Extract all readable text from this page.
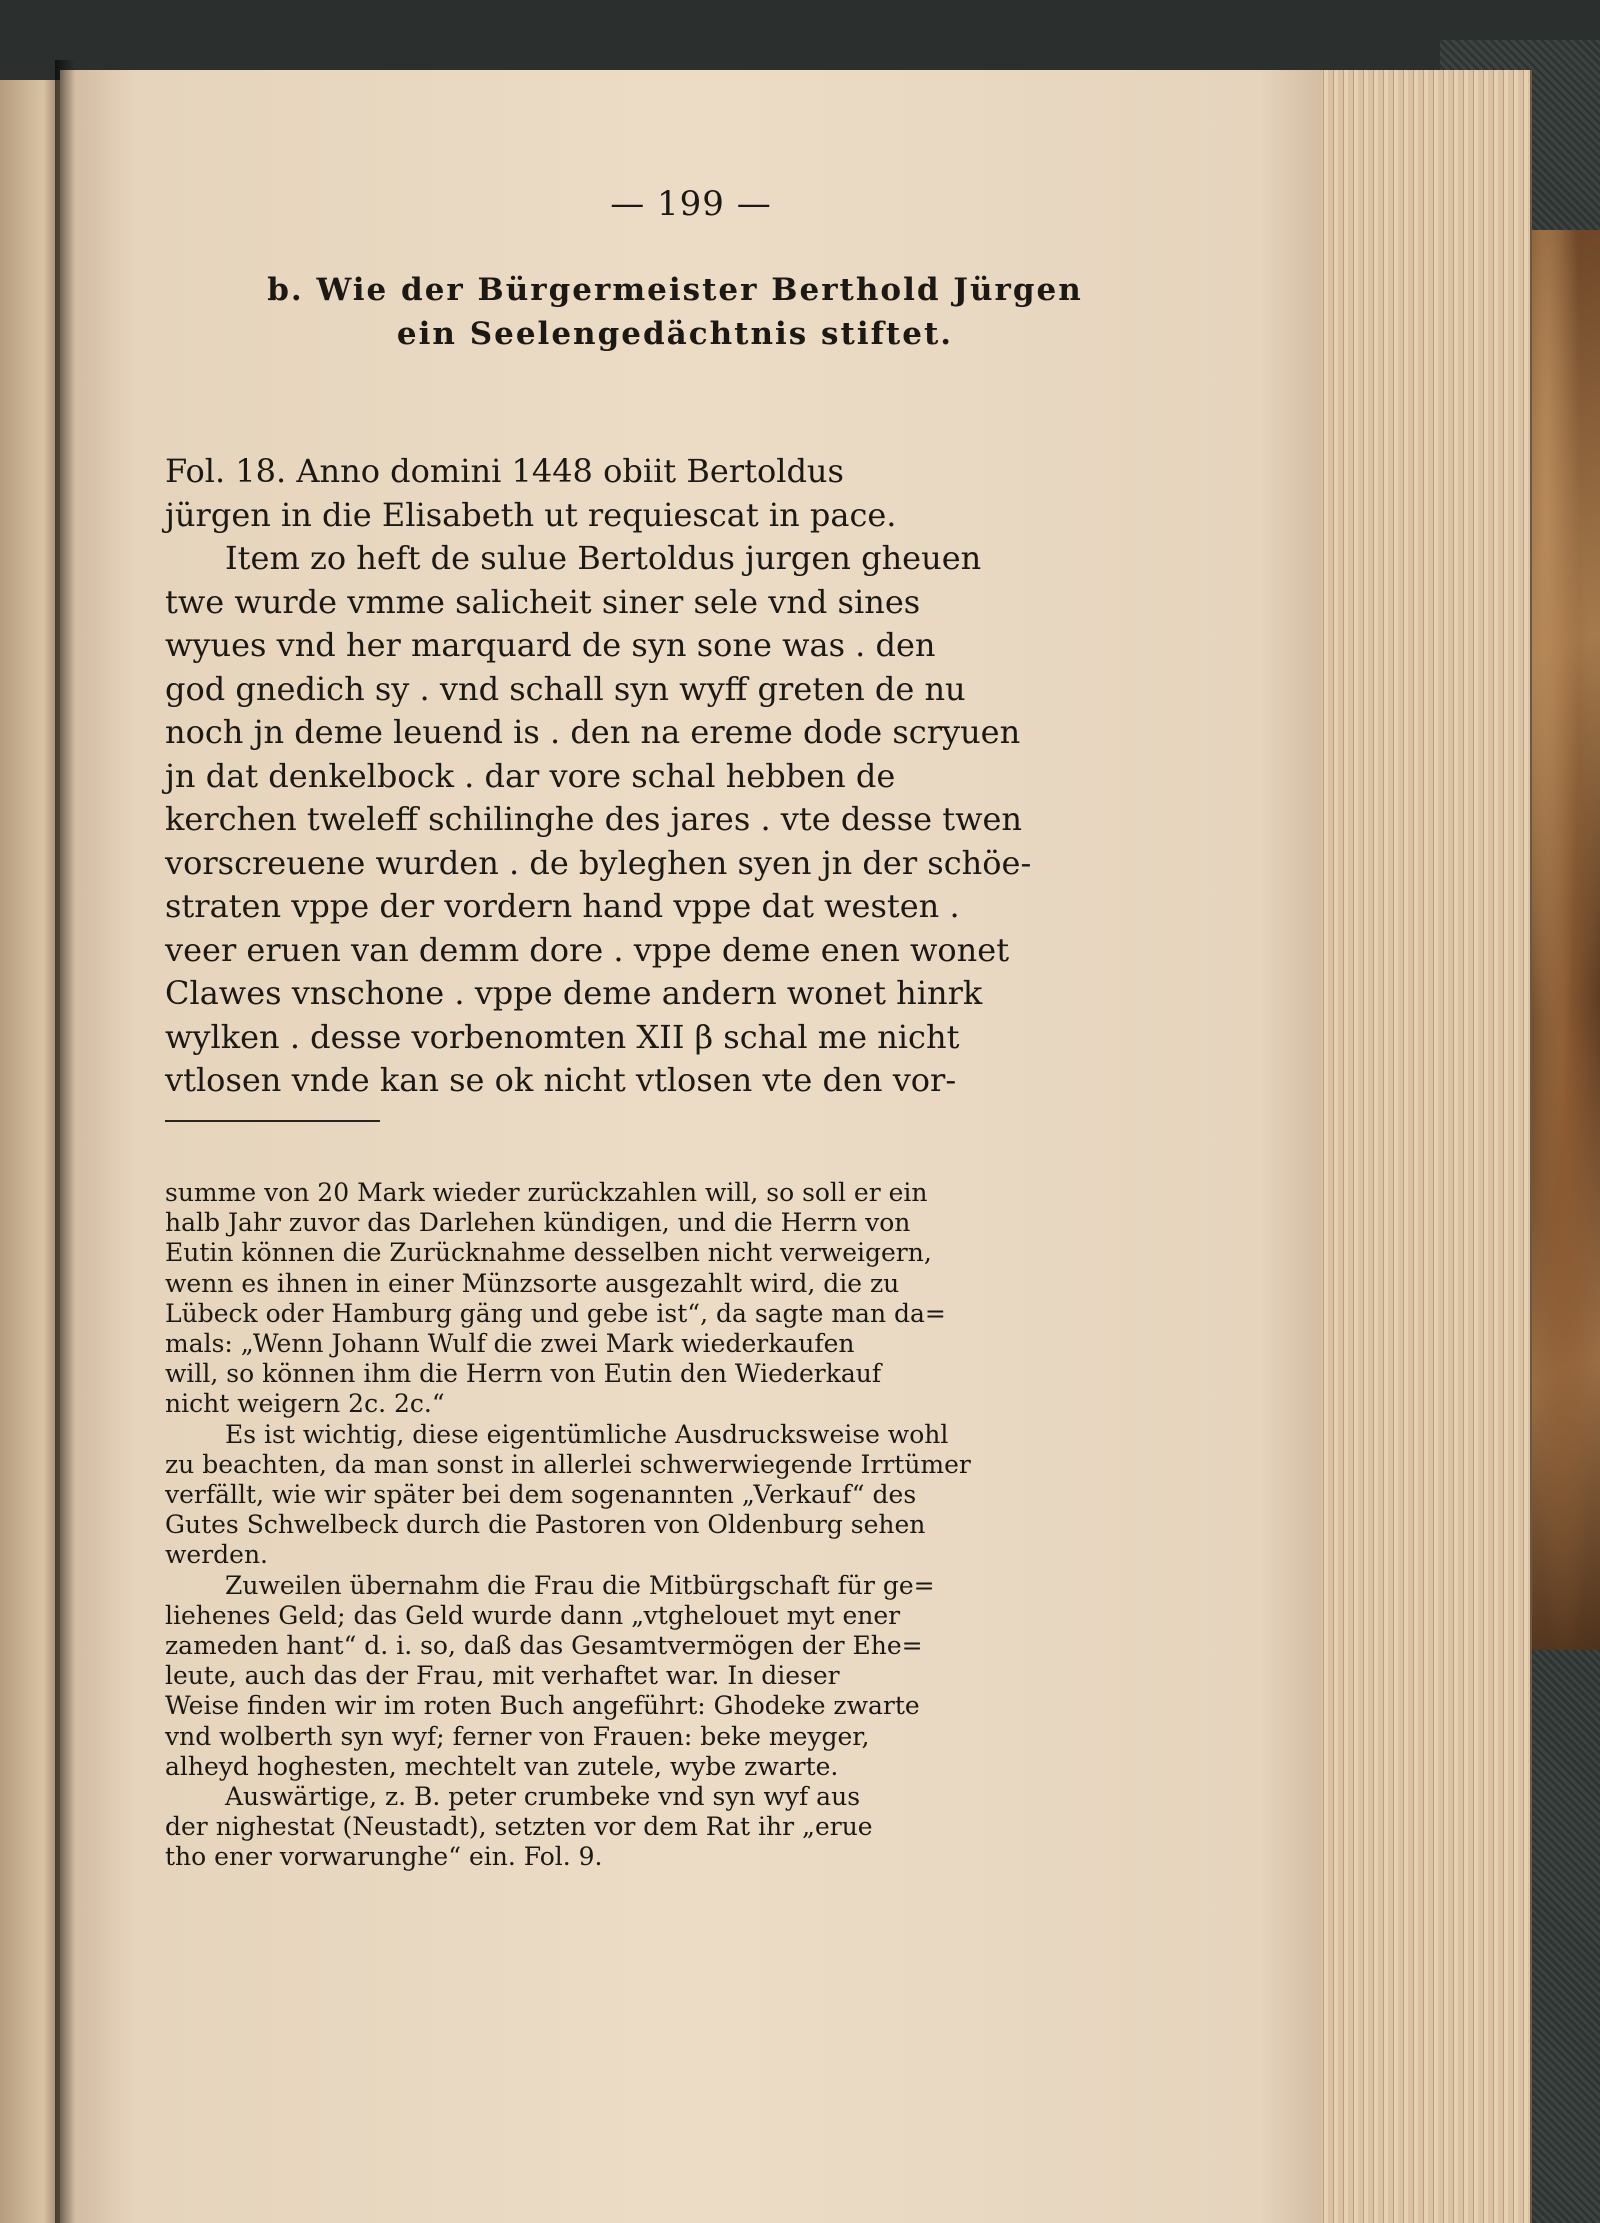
— 199 —
b. Wie der Bürgermeister Berthold Jürgen
ein Seelengedächtnis stiftet.
Fol. 18. Anno domini 1448 obiit Bertoldus
jürgen in die Elisabeth ut requiescat in pace.
Item zo heft de sulue Bertoldus jurgen gheuen
twe wurde vmme salicheit siner sele vnd sines
wyues vnd her marquard de syn sone was . den
god gnedich sy . vnd schall syn wyff greten de nu
noch jn deme leuend is . den na ereme dode scryuen
jn dat denkelbock . dar vore schal hebben de
kerchen tweleff schilinghe des jares . vte desse twen
vorscreuene wurden . de byleghen syen jn der schöe-
straten vppe der vordern hand vppe dat westen .
veer eruen van demm dore . vppe deme enen wonet
Clawes vnschone . vppe deme andern wonet hinrk
wylken . desse vorbenomten XII β schal me nicht
vtlosen vnde kan se ok nicht vtlosen vte den vor-
summe von 20 Mark wieder zurückzahlen will, so soll er ein
halb Jahr zuvor das Darlehen kündigen, und die Herrn von
Eutin können die Zurücknahme desselben nicht verweigern,
wenn es ihnen in einer Münzsorte ausgezahlt wird, die zu
Lübeck oder Hamburg gäng und gebe ist“, da sagte man da=
mals: „Wenn Johann Wulf die zwei Mark wiederkaufen
will, so können ihm die Herrn von Eutin den Wiederkauf
nicht weigern 2c. 2c.“
Es ist wichtig, diese eigentümliche Ausdrucksweise wohl
zu beachten, da man sonst in allerlei schwerwiegende Irrtümer
verfällt, wie wir später bei dem sogenannten „Verkauf“ des
Gutes Schwelbeck durch die Pastoren von Oldenburg sehen
werden.
Zuweilen übernahm die Frau die Mitbürgschaft für ge=
liehenes Geld; das Geld wurde dann „vtghelouet myt ener
zameden hant“ d. i. so, daß das Gesamtvermögen der Ehe=
leute, auch das der Frau, mit verhaftet war. In dieser
Weise finden wir im roten Buch angeführt: Ghodeke zwarte
vnd wolberth syn wyf; ferner von Frauen: beke meyger,
alheyd hoghesten, mechtelt van zutele, wybe zwarte.
Auswärtige, z. B. peter crumbeke vnd syn wyf aus
der nighestat (Neustadt), setzten vor dem Rat ihr „erue
tho ener vorwarunghe“ ein. Fol. 9.
